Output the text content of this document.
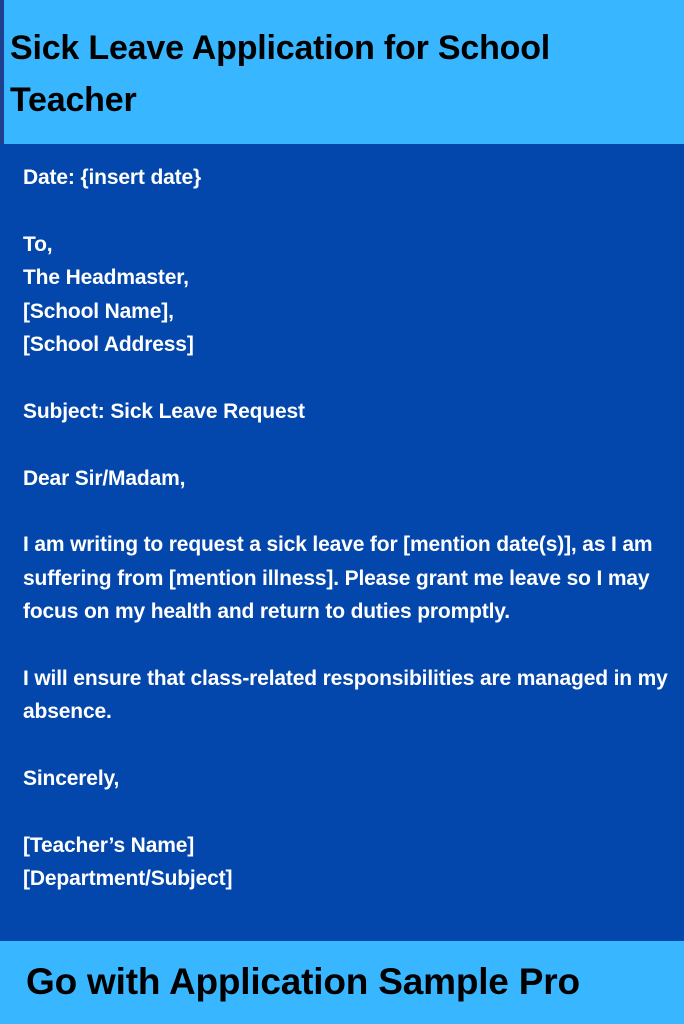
Sick Leave Application for School Teacher
Date: {insert date}
To,
The Headmaster,
[School Name],
[School Address]
Subject: Sick Leave Request
Dear Sir/Madam,
I am writing to request a sick leave for [mention date(s)], as I am suffering from [mention illness]. Please grant me leave so I may focus on my health and return to duties promptly.
I will ensure that class-related responsibilities are managed in my absence.
Sincerely,
[Teacher’s Name]
[Department/Subject]
Go with Application Sample Pro
